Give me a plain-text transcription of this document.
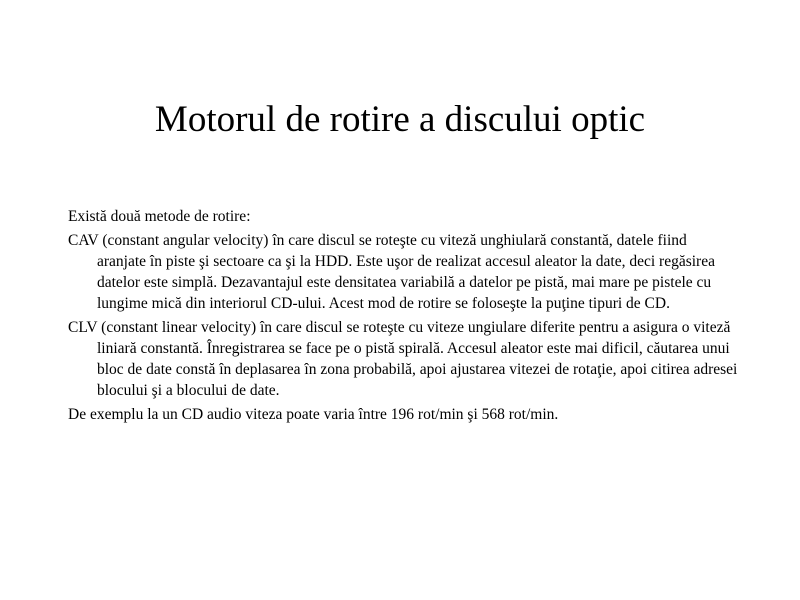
Motorul de rotire a discului optic

Există două metode de rotire:

CAV (constant angular velocity) în care discul se roteşte cu viteză unghiulară constantă, datele fiind aranjate în piste şi sectoare ca şi la HDD. Este uşor de realizat accesul aleator la date, deci regăsirea datelor este simplă. Dezavantajul este densitatea variabilă a datelor pe pistă, mai mare pe pistele cu lungime mică din interiorul CD-ului. Acest mod de rotire se foloseşte la puţine tipuri de CD.

CLV (constant linear velocity) în care discul se roteşte cu viteze ungiulare diferite pentru a asigura o viteză liniară constantă. Înregistrarea se face pe o pistă spirală. Accesul aleator este mai dificil, căutarea unui bloc de date constă în deplasarea în zona probabilă, apoi ajustarea vitezei de rotaţie, apoi citirea adresei blocului şi a blocului de date.

De exemplu la un CD audio viteza poate varia între 196 rot/min şi 568 rot/min.
